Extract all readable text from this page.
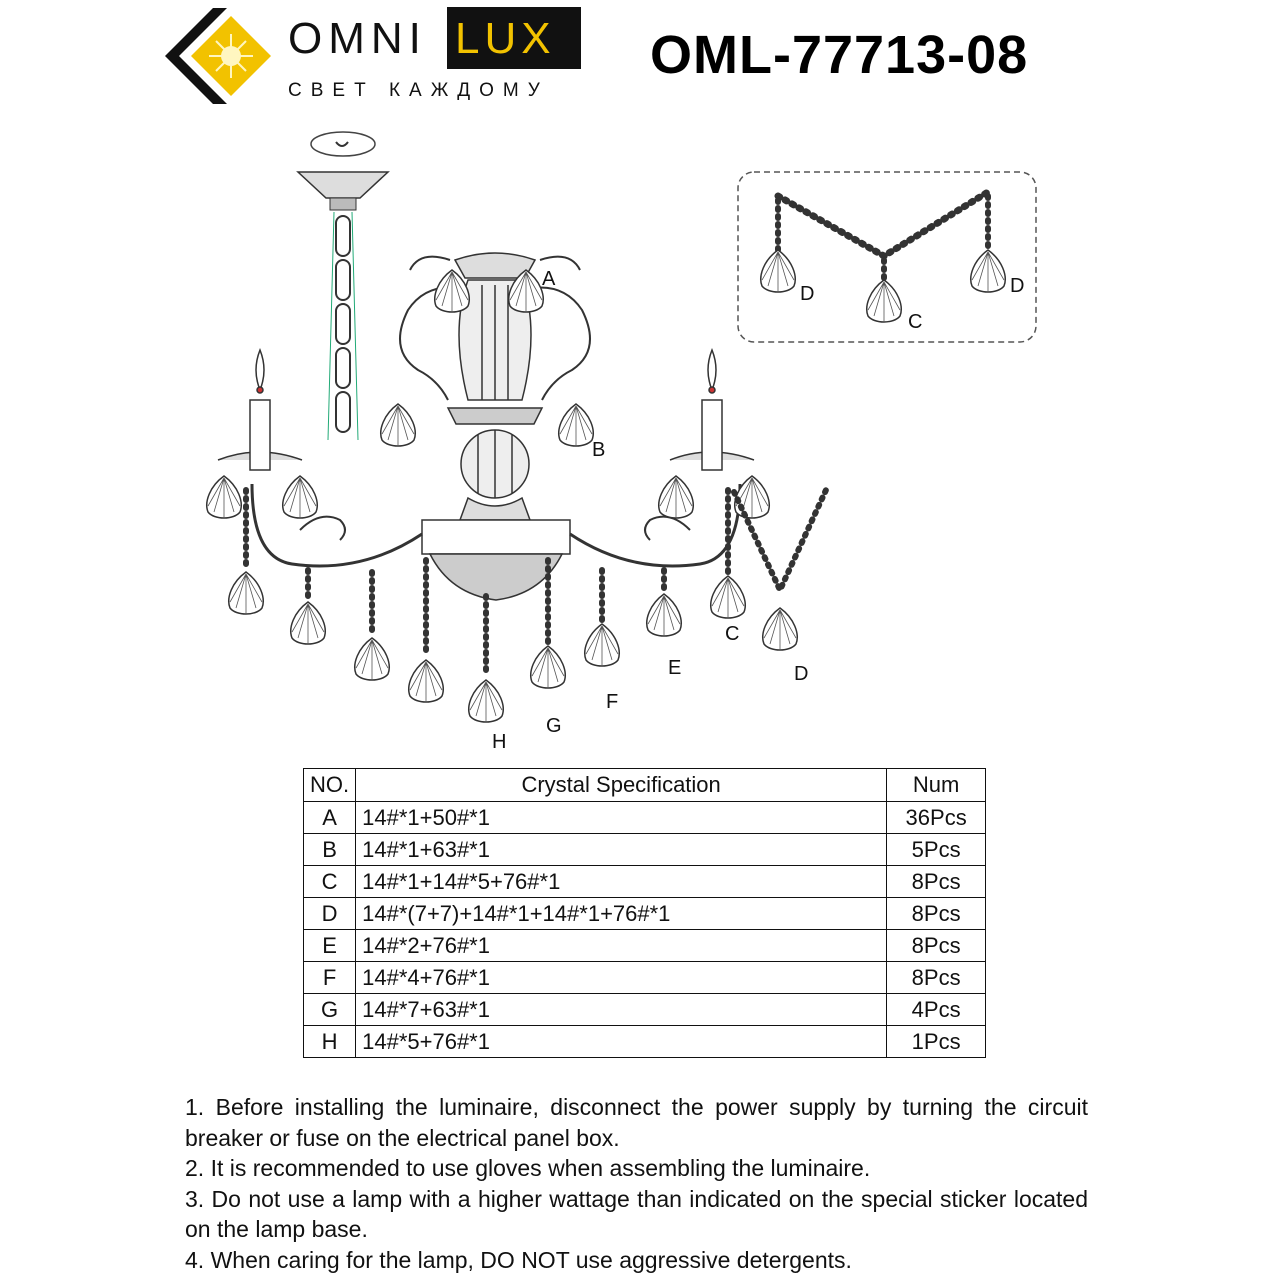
OMNI LUX
СВЕТ КАЖДОМУ
OML-77713-08
A
B
C
D
E
F
G
H
D
C
D
NO.	Crystal Specification	Num
A	14#*1+50#*1	36Pcs
B	14#*1+63#*1	5Pcs
C	14#*1+14#*5+76#*1	8Pcs
D	14#*(7+7)+14#*1+14#*1+76#*1	8Pcs
E	14#*2+76#*1	8Pcs
F	14#*4+76#*1	8Pcs
G	14#*7+63#*1	4Pcs
H	14#*5+76#*1	1Pcs

1. Before installing the luminaire, disconnect the power supply by turning the circuit breaker or fuse on the electrical panel box.

2. It is recommended to use gloves when assembling the luminaire.

3. Do not use a lamp with a higher wattage than indicated on the special sticker located on the lamp base.

4. When caring for the lamp, DO NOT use aggressive detergents.
